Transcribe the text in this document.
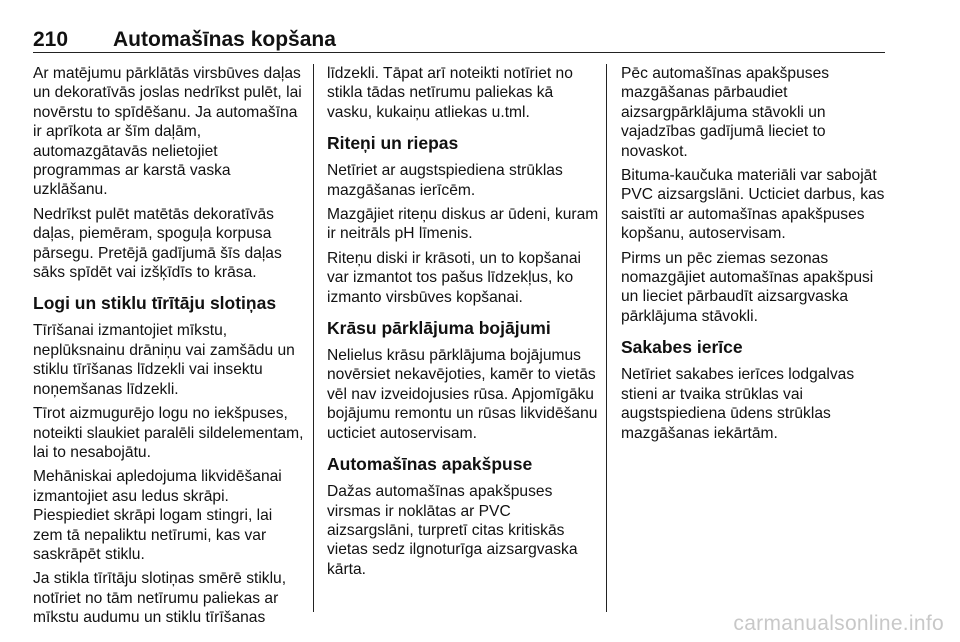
210	Automašīnas kopšana

Ar matējumu pārklātās virsbūves daļas un dekoratīvās joslas nedrīkst pulēt, lai novērstu to spīdēšanu. Ja automašīna ir aprīkota ar šīm daļām, automazgātavās nelietojiet programmas ar karstā vaska uzklāšanu.

Nedrīkst pulēt matētās dekoratīvās daļas, piemēram, spoguļa korpusa pārsegu. Pretējā gadījumā šīs daļas sāks spīdēt vai izšķīdīs to krāsa.

Logi un stiklu tīrītāju slotiņas

Tīrīšanai izmantojiet mīkstu, neplūksnainu drāniņu vai zamšādu un stiklu tīrīšanas līdzekli vai insektu noņemšanas līdzekli.

Tīrot aizmugurējo logu no iekšpuses, noteikti slaukiet paralēli sildelementam, lai to nesabojātu.

Mehāniskai apledojuma likvidēšanai izmantojiet asu ledus skrāpi. Piespiediet skrāpi logam stingri, lai zem tā nepaliktu netīrumi, kas var saskrāpēt stiklu.

Ja stikla tīrītāju slotiņas smērē stiklu, notīriet no tām netīrumu paliekas ar mīkstu audumu un stiklu tīrīšanas

līdzekli. Tāpat arī noteikti notīriet no stikla tādas netīrumu paliekas kā vasku, kukaiņu atliekas u.tml.

Riteņi un riepas

Netīriet ar augstspiediena strūklas mazgāšanas ierīcēm.

Mazgājiet riteņu diskus ar ūdeni, kuram ir neitrāls pH līmenis.

Riteņu diski ir krāsoti, un to kopšanai var izmantot tos pašus līdzekļus, ko izmanto virsbūves kopšanai.

Krāsu pārklājuma bojājumi

Nelielus krāsu pārklājuma bojājumus novērsiet nekavējoties, kamēr to vietās vēl nav izveidojusies rūsa. Apjomīgāku bojājumu remontu un rūsas likvidēšanu ucticiet autoservisam.

Automašīnas apakšpuse

Dažas automašīnas apakšpuses virsmas ir noklātas ar PVC aizsargslāni, turpretī citas kritiskās vietas sedz ilgnoturīga aizsargvaska kārta.

Pēc automašīnas apakšpuses mazgāšanas pārbaudiet aizsargpārklājuma stāvokli un vajadzības gadījumā lieciet to novaskot.

Bituma-kaučuka materiāli var sabojāt PVC aizsargslāni. Ucticiet darbus, kas saistīti ar automašīnas apakšpuses kopšanu, autoservisam.

Pirms un pēc ziemas sezonas nomazgājiet automašīnas apakšpusi un lieciet pārbaudīt aizsargvaska pārklājuma stāvokli.

Sakabes ierīce

Netīriet sakabes ierīces lodgalvas stieni ar tvaika strūklas vai augstspiediena ūdens strūklas mazgāšanas iekārtām.

carmanualsonline.info
